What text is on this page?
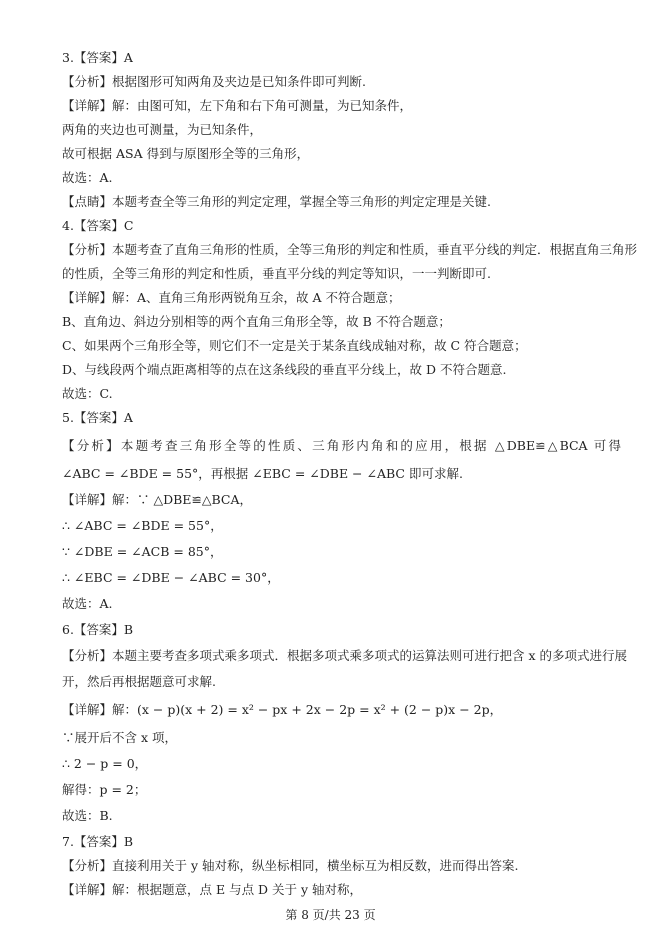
3.【答案】A
【分析】根据图形可知两角及夹边是已知条件即可判断.
【详解】解：由图可知，左下角和右下角可测量，为已知条件，
两角的夹边也可测量，为已知条件，
故可根据 ASA 得到与原图形全等的三角形，
故选：A.
【点睛】本题考查全等三角形的判定定理，掌握全等三角形的判定定理是关键.
4.【答案】C
【分析】本题考查了直角三角形的性质，全等三角形的判定和性质，垂直平分线的判定．根据直角三角形
的性质，全等三角形的判定和性质，垂直平分线的判定等知识，一一判断即可.
【详解】解：A、直角三角形两锐角互余，故 A 不符合题意；
B、直角边、斜边分别相等的两个直角三角形全等，故 B 不符合题意；
C、如果两个三角形全等，则它们不一定是关于某条直线成轴对称，故 C 符合题意；
D、与线段两个端点距离相等的点在这条线段的垂直平分线上，故 D 不符合题意.
故选：C.
5.【答案】A
【分析】本题考查三角形全等的性质、三角形内角和的应用，根据 △DBE≌△BCA 可得
∠ABC = ∠BDE = 55°，再根据 ∠EBC = ∠DBE − ∠ABC 即可求解.
【详解】解：∵ △DBE≌△BCA，
∴ ∠ABC = ∠BDE = 55°，
∵ ∠DBE = ∠ACB = 85°，
∴ ∠EBC = ∠DBE − ∠ABC = 30°，
故选：A.
6.【答案】B
【分析】本题主要考查多项式乘多项式．根据多项式乘多项式的运算法则可进行把含 x 的多项式进行展
开，然后再根据题意可求解.
【详解】解：(x − p)(x + 2) = x² − px + 2x − 2p = x² + (2 − p)x − 2p，
∵展开后不含 x 项，
∴ 2 − p = 0，
解得：p = 2；
故选：B.
7.【答案】B
【分析】直接利用关于 y 轴对称，纵坐标相同，横坐标互为相反数，进而得出答案.
【详解】解：根据题意，点 E 与点 D 关于 y 轴对称，
第 8 页/共 23 页
